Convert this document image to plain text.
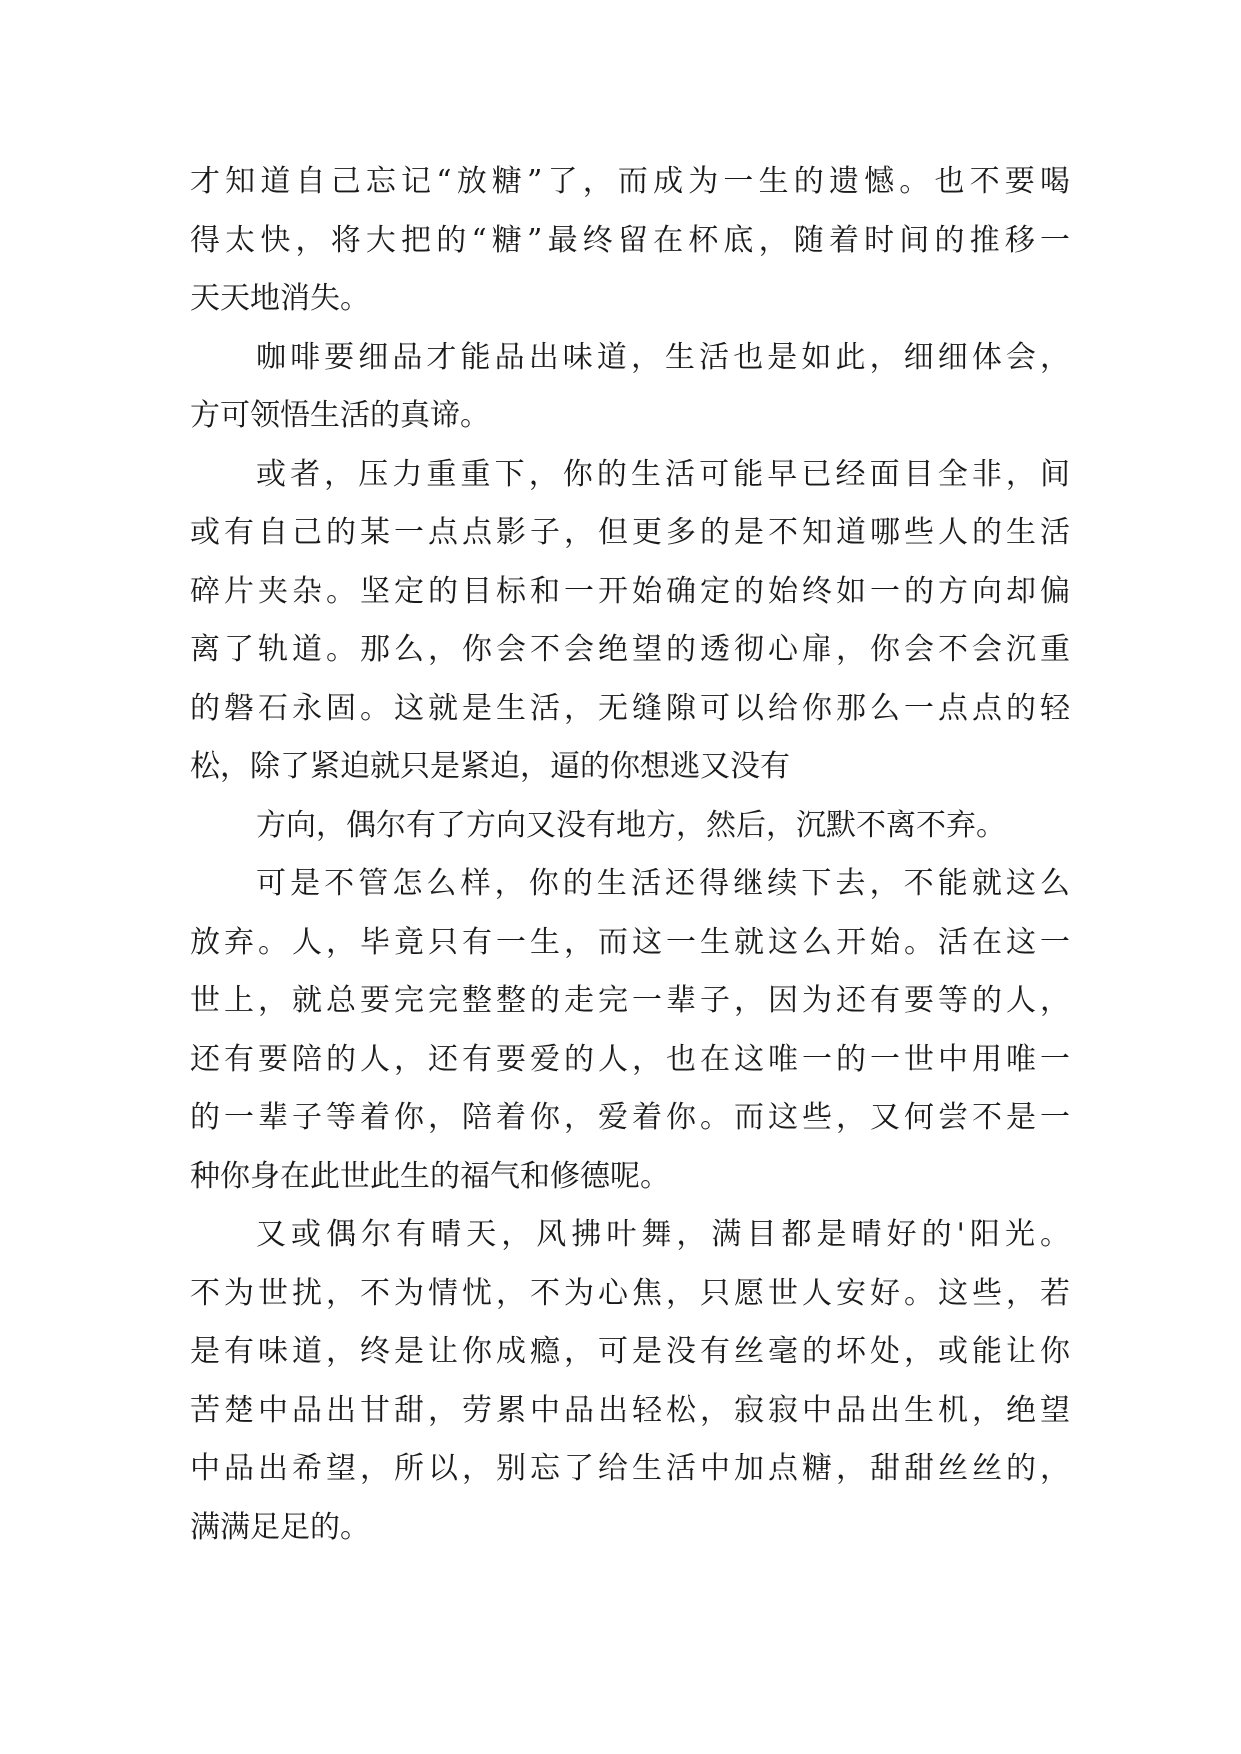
才知道自己忘记“放糖”了，而成为一生的遗憾。也不要喝
得太快，将大把的“糖”最终留在杯底，随着时间的推移一
天天地消失。
咖啡要细品才能品出味道，生活也是如此，细细体会，
方可领悟生活的真谛。
或者，压力重重下，你的生活可能早已经面目全非，间
或有自己的某一点点影子，但更多的是不知道哪些人的生活
碎片夹杂。坚定的目标和一开始确定的始终如一的方向却偏
离了轨道。那么，你会不会绝望的透彻心扉，你会不会沉重
的磐石永固。这就是生活，无缝隙可以给你那么一点点的轻
松，除了紧迫就只是紧迫，逼的你想逃又没有
方向，偶尔有了方向又没有地方，然后，沉默不离不弃。
可是不管怎么样，你的生活还得继续下去，不能就这么
放弃。人，毕竟只有一生，而这一生就这么开始。活在这一
世上，就总要完完整整的走完一辈子，因为还有要等的人，
还有要陪的人，还有要爱的人，也在这唯一的一世中用唯一
的一辈子等着你，陪着你，爱着你。而这些，又何尝不是一
种你身在此世此生的福气和修德呢。
又或偶尔有晴天，风拂叶舞，满目都是晴好的'阳光。
不为世扰，不为情忧，不为心焦，只愿世人安好。这些，若
是有味道，终是让你成瘾，可是没有丝毫的坏处，或能让你
苦楚中品出甘甜，劳累中品出轻松，寂寂中品出生机，绝望
中品出希望，所以，别忘了给生活中加点糖，甜甜丝丝的，
满满足足的。
